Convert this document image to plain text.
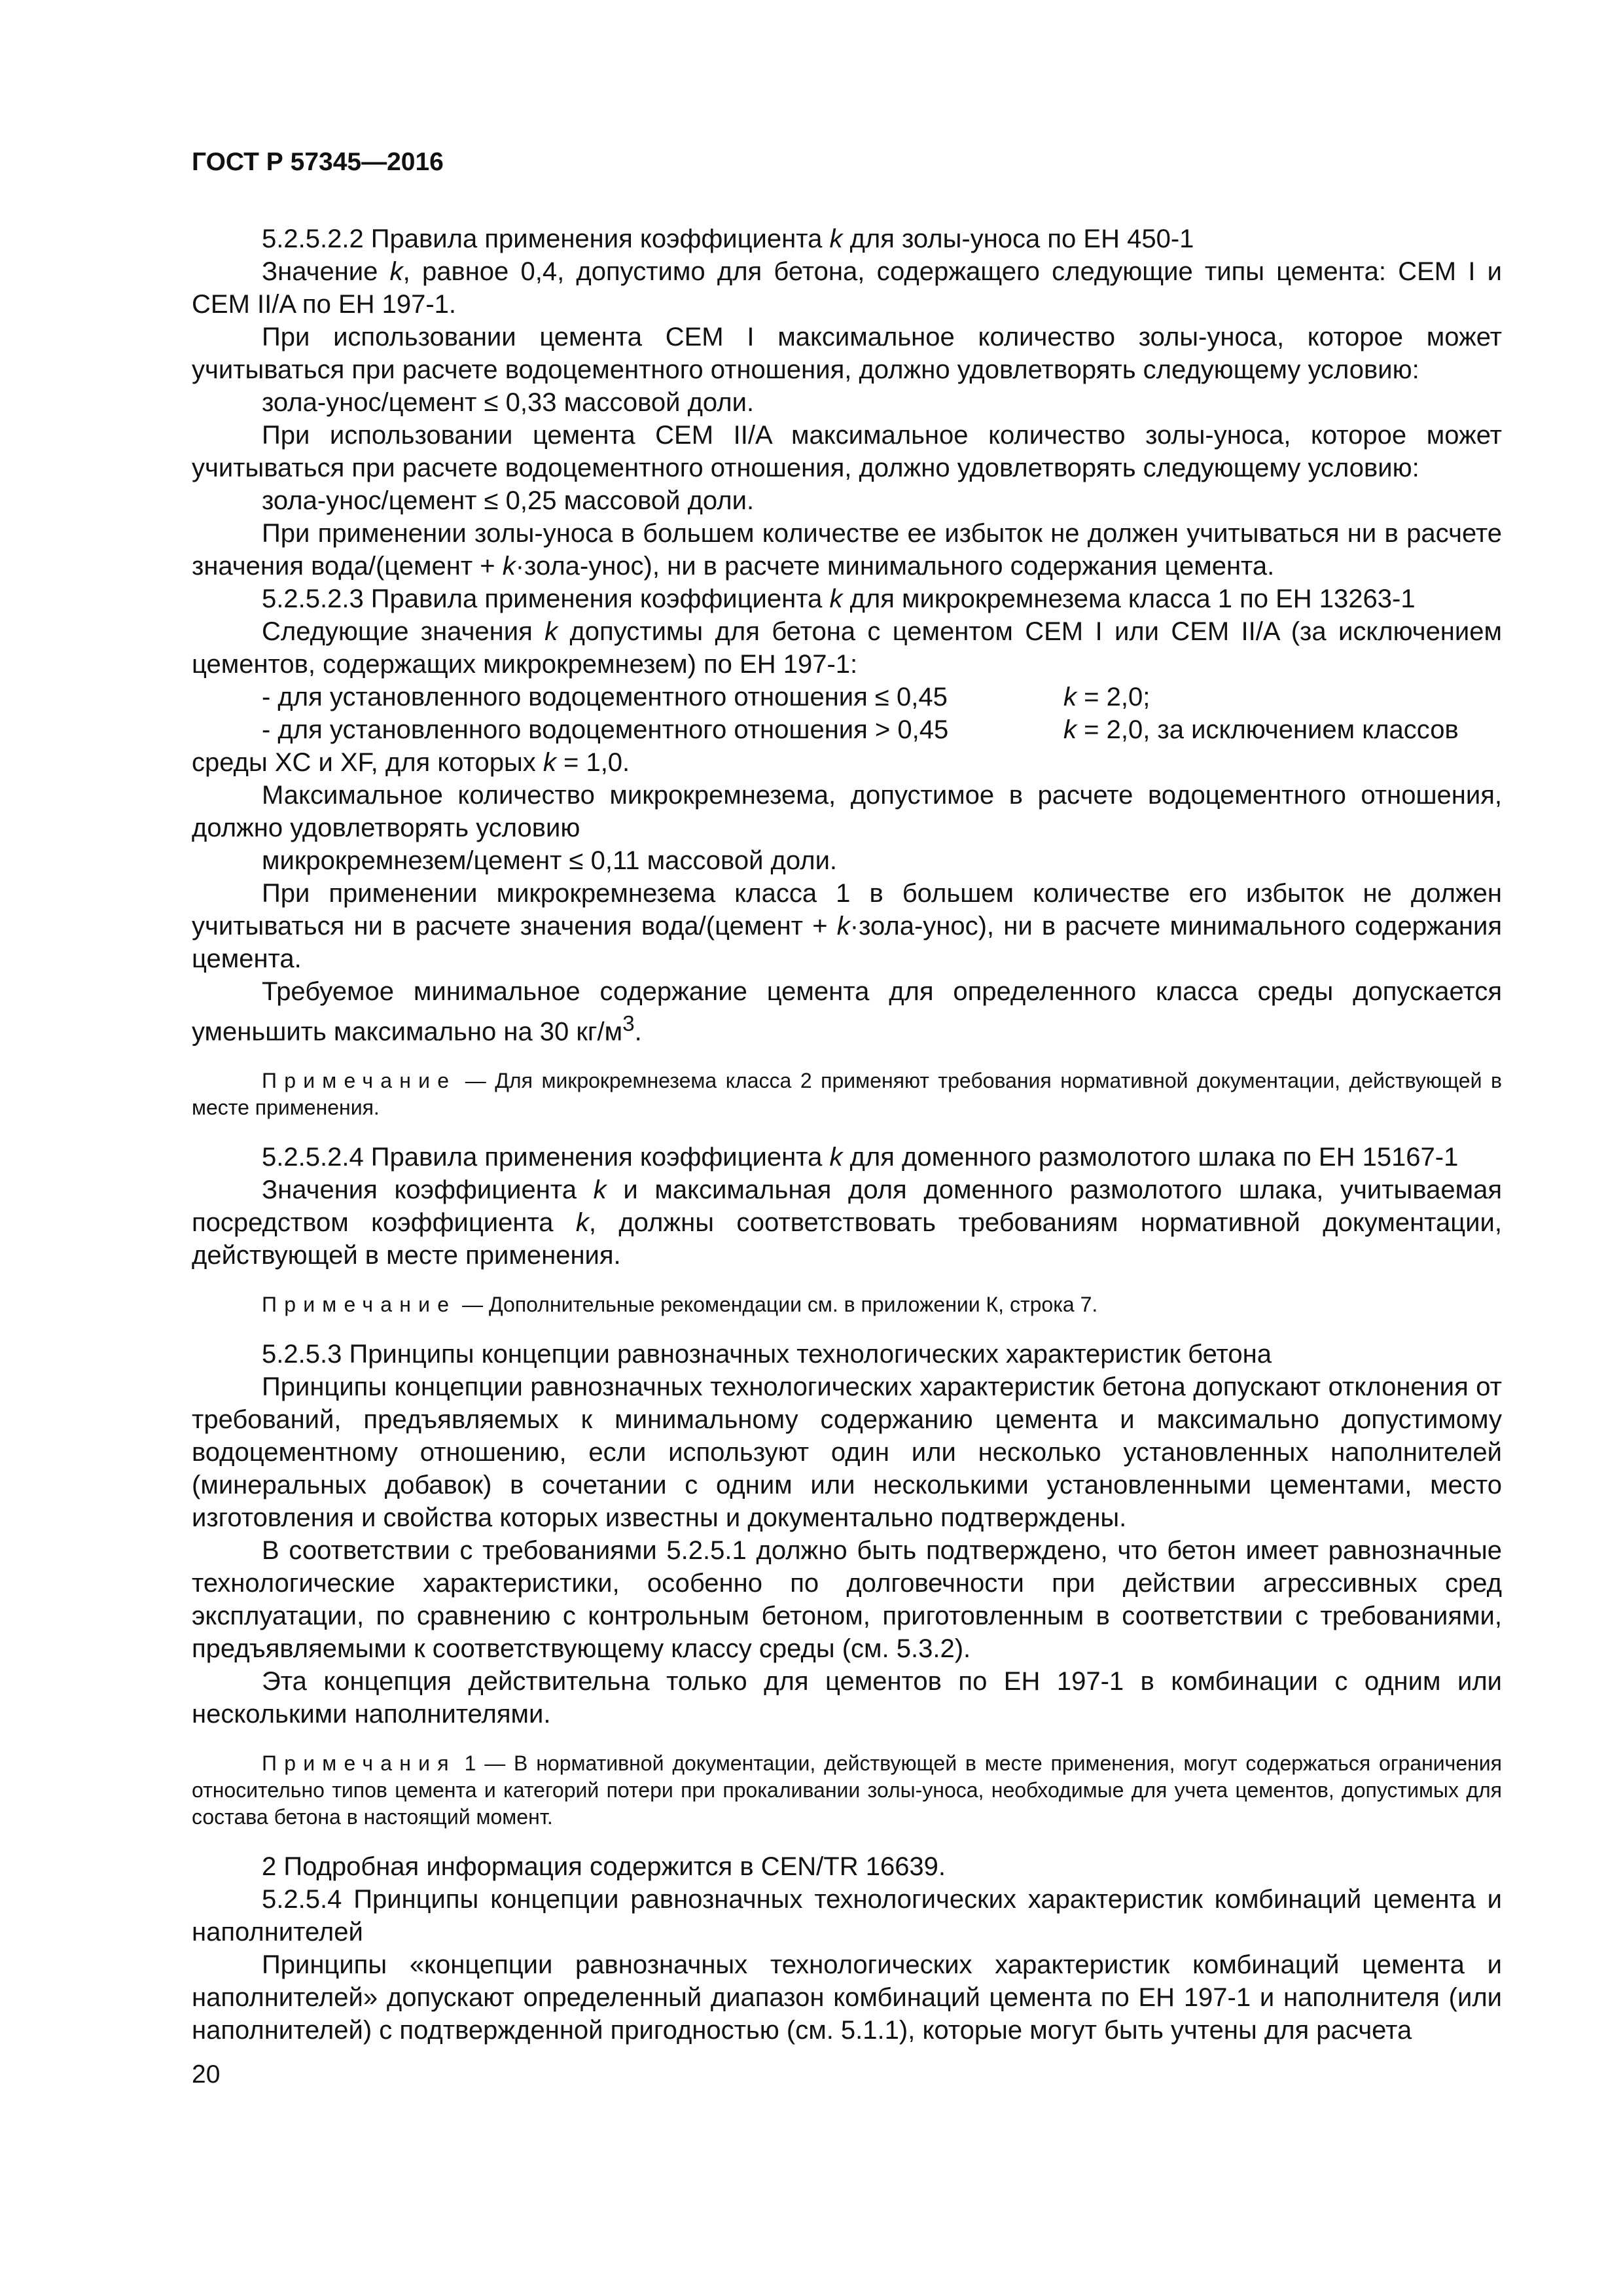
ГОСТ Р 57345—2016

5.2.5.2.2 Правила применения коэффициента k для золы-уноса по ЕН 450-1

Значение k, равное 0,4, допустимо для бетона, содержащего следующие типы цемента: CEM I и CEM II/A по ЕН 197-1.

При использовании цемента CEM I максимальное количество золы-уноса, которое может учитываться при расчете водоцементного отношения, должно удовлетворять следующему условию:

зола-унос/цемент ≤ 0,33 массовой доли.

При использовании цемента CEM II/A максимальное количество золы-уноса, которое может учитываться при расчете водоцементного отношения, должно удовлетворять следующему условию:

зола-унос/цемент ≤ 0,25 массовой доли.

При применении золы-уноса в большем количестве ее избыток не должен учитываться ни в расчете значения вода/(цемент + k·зола-унос), ни в расчете минимального содержания цемента.

5.2.5.2.3 Правила применения коэффициента k для микрокремнезема класса 1 по ЕН 13263-1

Следующие значения k допустимы для бетона с цементом CEM I или CEM II/A (за исключением цементов, содержащих микрокремнезем) по ЕН 197-1:

- для установленного водоцементного отношения ≤ 0,45	k = 2,0;
- для установленного водоцементного отношения > 0,45	k = 2,0, за исключением классов

среды XC и XF, для которых k = 1,0.

Максимальное количество микрокремнезема, допустимое в расчете водоцементного отношения, должно удовлетворять условию

микрокремнезем/цемент ≤ 0,11 массовой доли.

При применении микрокремнезема класса 1 в большем количестве его избыток не должен учитываться ни в расчете значения вода/(цемент + k·зола-унос), ни в расчете минимального содержания цемента.

Требуемое минимальное содержание цемента для определенного класса среды допускается уменьшить максимально на 30 $кг/м^3$.

Примечание — Для микрокремнезема класса 2 применяют требования нормативной документации, действующей в месте применения.

5.2.5.2.4 Правила применения коэффициента k для доменного размолотого шлака по ЕН 15167-1

Значения коэффициента k и максимальная доля доменного размолотого шлака, учитываемая посредством коэффициента k, должны соответствовать требованиям нормативной документации, действующей в месте применения.

Примечание — Дополнительные рекомендации см. в приложении К, строка 7.

5.2.5.3 Принципы концепции равнозначных технологических характеристик бетона

Принципы концепции равнозначных технологических характеристик бетона допускают отклонения от требований, предъявляемых к минимальному содержанию цемента и максимально допустимому водоцементному отношению, если используют один или несколько установленных наполнителей (минеральных добавок) в сочетании с одним или несколькими установленными цементами, место изготовления и свойства которых известны и документально подтверждены.

В соответствии с требованиями 5.2.5.1 должно быть подтверждено, что бетон имеет равнозначные технологические характеристики, особенно по долговечности при действии агрессивных сред эксплуатации, по сравнению с контрольным бетоном, приготовленным в соответствии с требованиями, предъявляемыми к соответствующему классу среды (см. 5.3.2).

Эта концепция действительна только для цементов по ЕН 197-1 в комбинации с одним или несколькими наполнителями.

Примечания 1 — В нормативной документации, действующей в месте применения, могут содержаться ограничения относительно типов цемента и категорий потери при прокаливании золы-уноса, необходимые для учета цементов, допустимых для состава бетона в настоящий момент.

2 Подробная информация содержится в CEN/TR 16639.

5.2.5.4 Принципы концепции равнозначных технологических характеристик комбинаций цемента и наполнителей

Принципы «концепции равнозначных технологических характеристик комбинаций цемента и наполнителей» допускают определенный диапазон комбинаций цемента по ЕН 197-1 и наполнителя (или наполнителей) с подтвержденной пригодностью (см. 5.1.1), которые могут быть учтены для расчета

20
